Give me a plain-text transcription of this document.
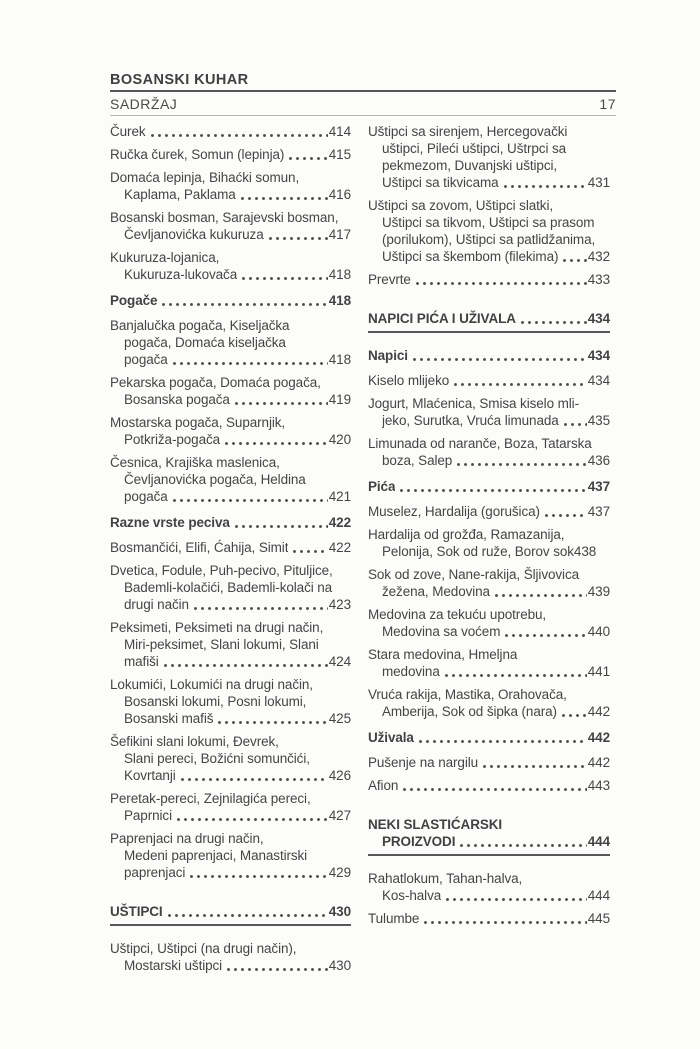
BOSANSKI KUHAR
SADRŽAJ	17
Čurek	414
Ručka čurek, Somun (lepinja)	415
Domaća lepinja, Bihaćki somun,
Kaplama, Paklama	416
Bosanski bosman, Sarajevski bosman,
Čevljanovićka kukuruza	417
Kukuruza-lojanica,
Kukuruza-lukovača	418
Pogače	418
Banjalučka pogača, Kiseljačka
pogača, Domaća kiseljačka
pogača	418
Pekarska pogača, Domaća pogača,
Bosanska pogača	419
Mostarska pogača, Suparnjik,
Potkriža-pogača	420
Česnica, Krajiška maslenica,
Čevljanovićka pogača, Heldina
pogača	421
Razne vrste peciva	422
Bosmančići, Elifi, Ćahija, Simit	422
Dvetica, Fodule, Puh-pecivo, Pituljice,
Bademli-kolačići, Bademli-kolači na
drugi način	423
Peksimeti, Peksimeti na drugi način,
Miri-peksimet, Slani lokumi, Slani
mafiši	424
Lokumići, Lokumići na drugi način,
Bosanski lokumi, Posni lokumi,
Bosanski mafiš	425
Šefikini slani lokumi, Đevrek,
Slani pereci, Božićni somunčići,
Kovrtanji	426
Peretak-pereci, Zejnilagića pereci,
Paprnici	427
Paprenjaci na drugi način,
Medeni paprenjaci, Manastirski
paprenjaci	429
UŠTIPCI	430
Uštipci, Uštipci (na drugi način),
Mostarski uštipci	430
Uštipci sa sirenjem, Hercegovački
uštipci, Pileći uštipci, Uštrpci sa
pekmezom, Duvanjski uštipci,
Uštipci sa tikvicama	431
Uštipci sa zovom, Uštipci slatki,
Uštipci sa tikvom, Uštipci sa prasom
(porilukom), Uštipci sa patlidžanima,
Uštipci sa škembom (filekima) 432
Prevrte	433
NAPICI PIĆA I UŽIVALA	434
Napici	434
Kiselo mlijeko	434
Jogurt, Mlaćenica, Smisa kiselo mli-
jeko, Surutka, Vruća limunada 435
Limunada od naranče, Boza, Tatarska
boza, Salep	436
Pića	437
Muselez, Hardalija (gorušica)	437
Hardalija od grožđa, Ramazanija,
Pelonija, Sok od ruže, Borov sok 438
Sok od zove, Nane-rakija, Šljivovica
žežena, Medovina	439
Medovina za tekuću upotrebu,
Medovina sa voćem	440
Stara medovina, Hmeljna
medovina	441
Vruća rakija, Mastika, Orahovača,
Amberija, Sok od šipka (nara) 442
Uživala	442
Pušenje na nargilu	442
Afion	443
NEKI SLASTIĆARSKI
PROIZVODI	444
Rahatlokum, Tahan-halva,
Kos-halva	444
Tulumbe	445
